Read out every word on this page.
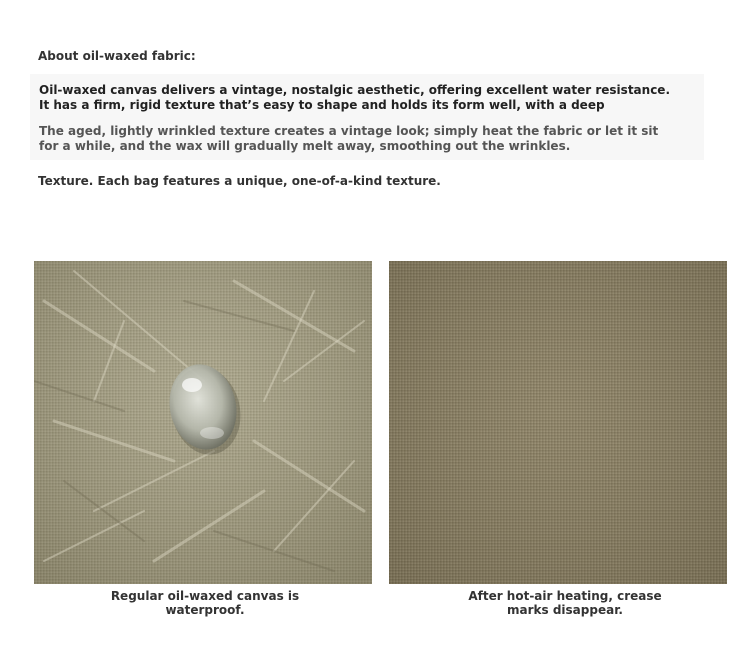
About oil-waxed fabric:
Oil-waxed canvas delivers a vintage, nostalgic aesthetic, offering excellent water resistance. It has a firm, rigid texture that’s easy to shape and holds its form well, with a deep
The aged, lightly wrinkled texture creates a vintage look; simply heat the fabric or let it sit for a while, and the wax will gradually melt away, smoothing out the wrinkles.
Texture. Each bag features a unique, one-of-a-kind texture.
Regular oil-waxed canvas is waterproof.
After hot-air heating, crease marks disappear.
